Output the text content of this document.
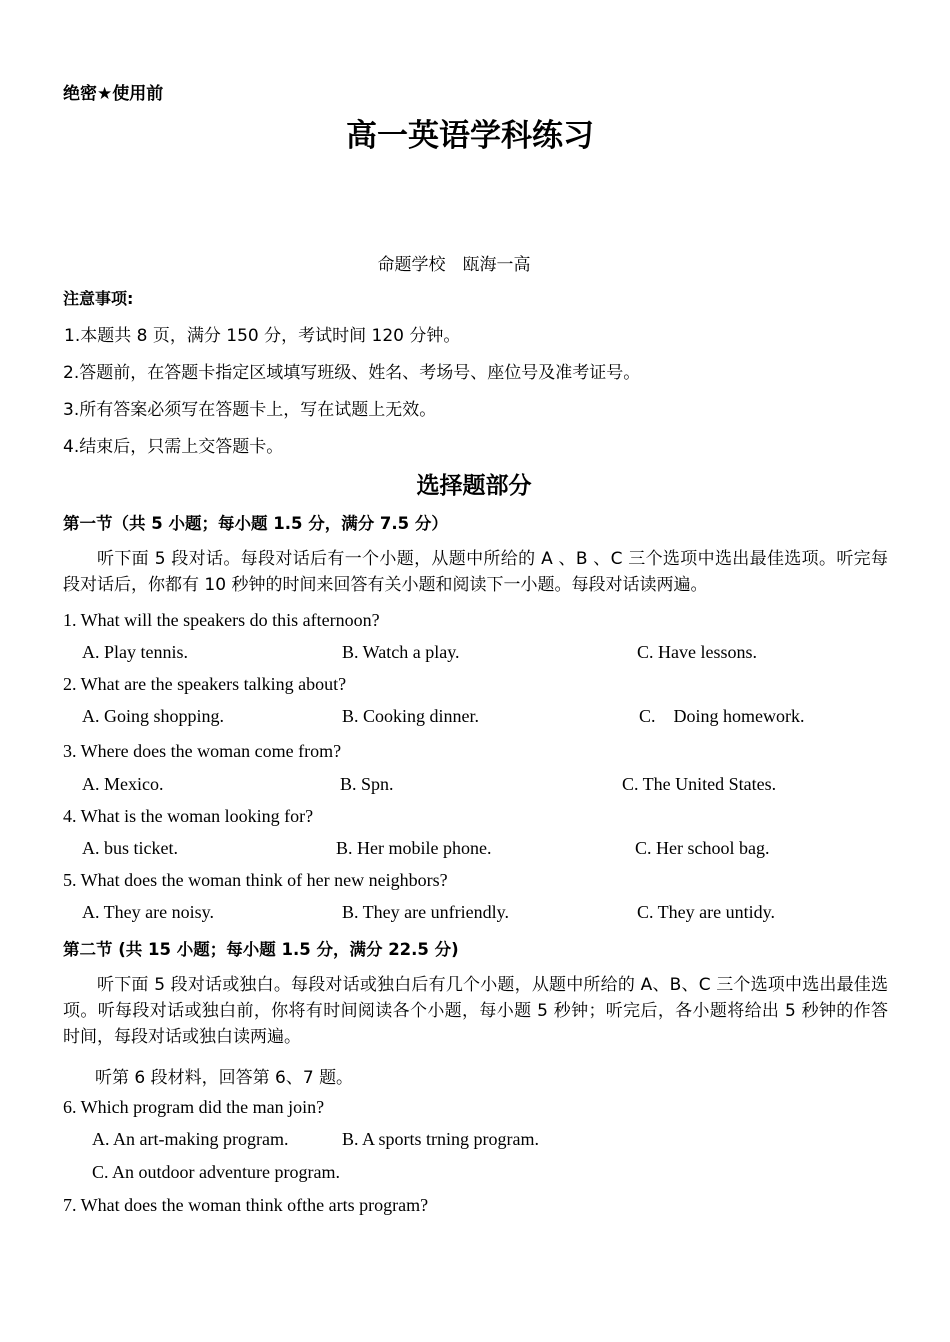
绝密★使用前
高一英语学科练习
命题学校　瓯海一高
注意事项:
1.本题共 8 页，满分 150 分，考试时间 120 分钟。
2.答题前，在答题卡指定区域填写班级、姓名、考场号、座位号及准考证号。
3.所有答案必须写在答题卡上，写在试题上无效。
4.结束后，只需上交答题卡。
选择题部分
第一节（共 5 小题；每小题 1.5 分，满分 7.5 分）
听下面 5 段对话。每段对话后有一个小题，从题中所给的 A 、B 、C 三个选项中选出最佳选项。听完每段对话后，你都有 10 秒钟的时间来回答有关小题和阅读下一小题。每段对话读两遍。
1. What will the speakers do this afternoon?
A. Play tennis.	B. Watch a play.	C. Have lessons.
2. What are the speakers talking about?
A. Going shopping.	B. Cooking dinner.	C.    Doing homework.
3. Where does the woman come from?
A. Mexico.	B. Spn.	C. The United States.
4. What is the woman looking for?
A. bus ticket.	B. Her mobile phone.	C. Her school bag.
5. What does the woman think of her new neighbors?
A. They are noisy.	B. They are unfriendly.	C. They are untidy.
第二节 (共 15 小题；每小题 1.5 分，满分 22.5 分)
听下面 5 段对话或独白。每段对话或独白后有几个小题，从题中所给的 A、B、C 三个选项中选出最佳选项。听每段对话或独白前，你将有时间阅读各个小题，每小题 5 秒钟；听完后，各小题将给出 5 秒钟的作答时间，每段对话或独白读两遍。
听第 6 段材料，回答第 6、7 题。
6. Which program did the man join?
A. An art-making program.	B. A sports trning program.
C. An outdoor adventure program.
7. What does the woman think ofthe arts program?
